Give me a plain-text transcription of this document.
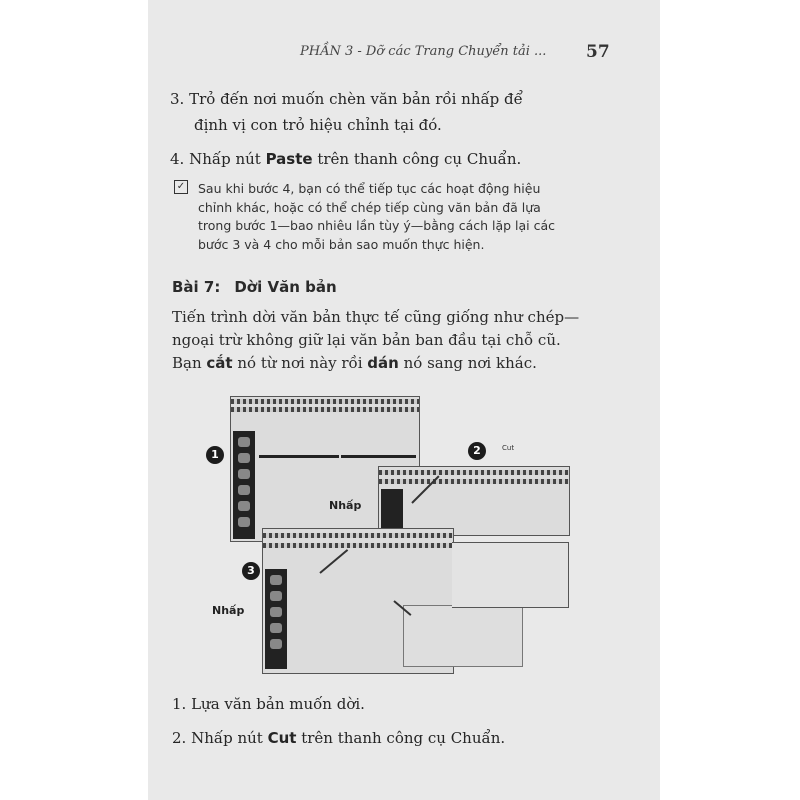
PHẦN 3 - Dỡ các Trang Chuyển tải ... 57
3. Trỏ đến nơi muốn chèn văn bản rồi nhấp để
định vị con trỏ hiệu chỉnh tại đó.
4. Nhấp nút Paste trên thanh công cụ Chuẩn.
✓ Sau khi bước 4, bạn có thể tiếp tục các hoạt động hiệu
chỉnh khác, hoặc có thể chép tiếp cùng văn bản đã lựa
trong bước 1—bao nhiêu lần tùy ý—bằng cách lặp lại các
bước 3 và 4 cho mỗi bản sao muốn thực hiện.
Bài 7: Dời Văn bản
Tiến trình dời văn bản thực tế cũng giống như chép—
ngoại trừ không giữ lại văn bản ban đầu tại chỗ cũ.
Bạn cắt nó từ nơi này rồi dán nó sang nơi khác.
Nhấp
Nhấp
1	2
3
Cut
1. Lựa văn bản muốn dời.
2. Nhấp nút Cut trên thanh công cụ Chuẩn.
